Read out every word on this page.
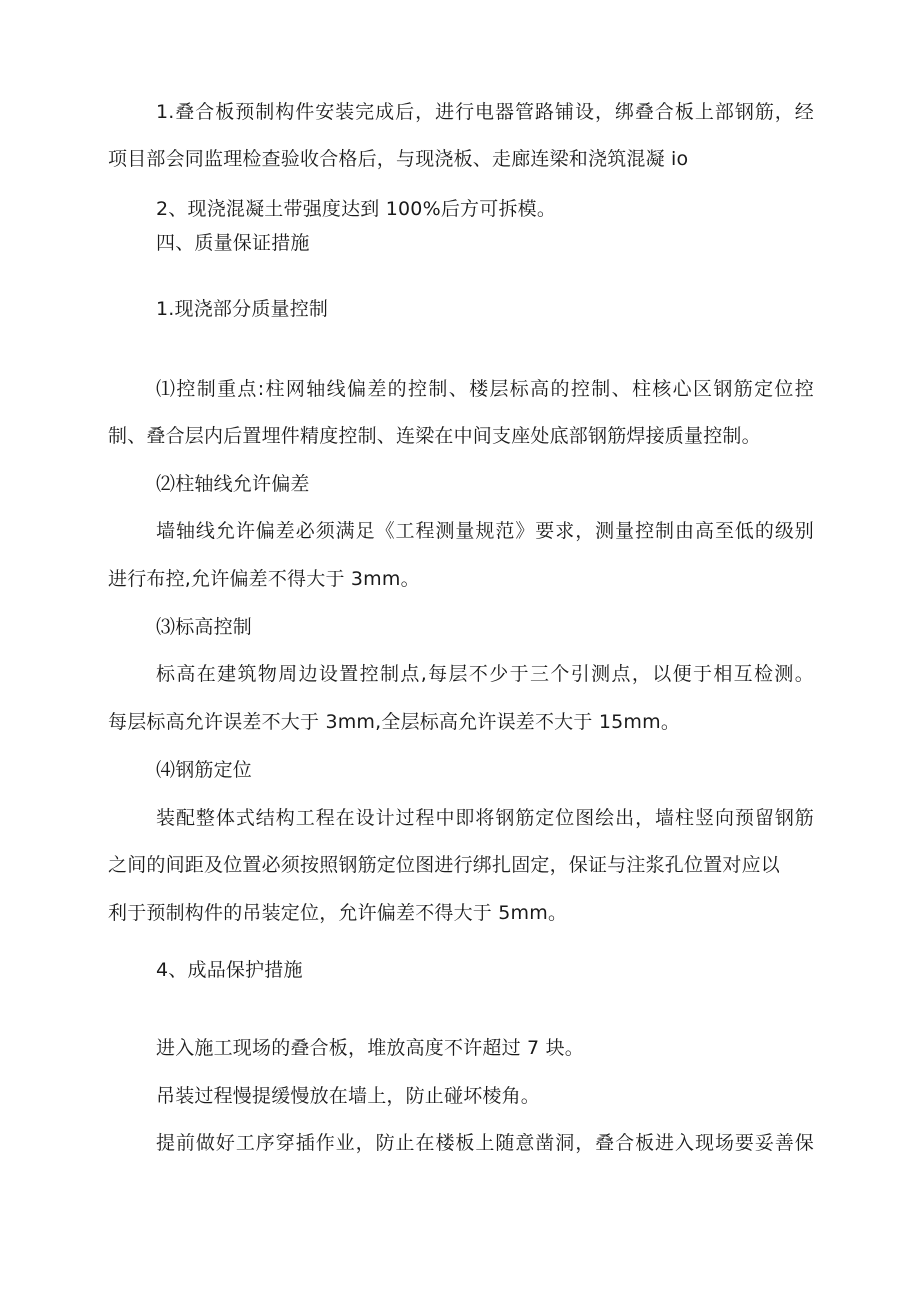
1.叠合板预制构件安装完成后，进行电器管路铺设，绑叠合板上部钢筋，经

项目部会同监理检查验收合格后，与现浇板、走廊连梁和浇筑混凝 io

2、现浇混凝土带强度达到 100%后方可拆模。

四、质量保证措施

1.现浇部分质量控制

⑴控制重点:柱网轴线偏差的控制、楼层标高的控制、柱核心区钢筋定位控

制、叠合层内后置埋件精度控制、连梁在中间支座处底部钢筋焊接质量控制。

⑵柱轴线允许偏差

墙轴线允许偏差必须满足《工程测量规范》要求，测量控制由高至低的级别

进行布控,允许偏差不得大于 3mm。

⑶标高控制

标高在建筑物周边设置控制点,每层不少于三个引测点，以便于相互检测。

每层标高允许误差不大于 3mm,全层标高允许误差不大于 15mm。

⑷钢筋定位

装配整体式结构工程在设计过程中即将钢筋定位图绘出，墙柱竖向预留钢筋

之间的间距及位置必须按照钢筋定位图进行绑扎固定，保证与注浆孔位置对应以

利于预制构件的吊装定位，允许偏差不得大于 5mm。

4、成品保护措施

进入施工现场的叠合板，堆放高度不许超过 7 块。

吊装过程慢提缓慢放在墙上，防止碰坏棱角。

提前做好工序穿插作业，防止在楼板上随意凿洞，叠合板进入现场要妥善保
